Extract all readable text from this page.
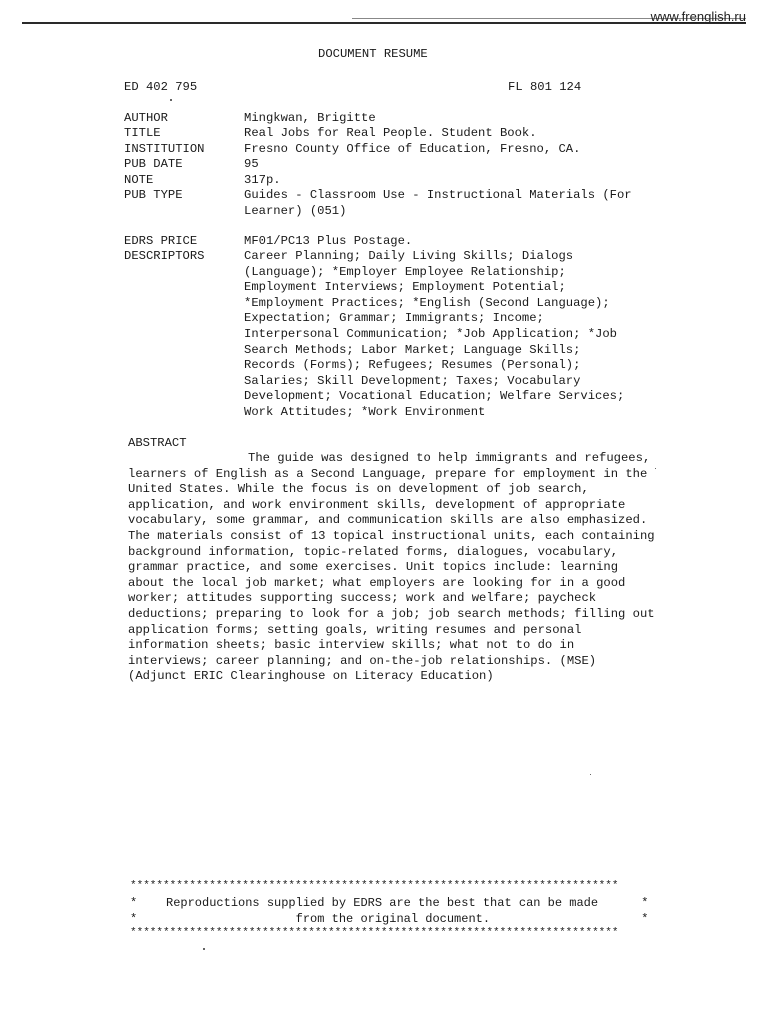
www.frenglish.ru
DOCUMENT RESUME
ED 402 795	FL 801 124
AUTHOR	Mingkwan, Brigitte
TITLE	Real Jobs for Real People. Student Book.
INSTITUTION	Fresno County Office of Education, Fresno, CA.
PUB DATE	95
NOTE	317p.
PUB TYPE	Guides - Classroom Use - Instructional Materials (For
Learner) (051)
EDRS PRICE	MF01/PC13 Plus Postage.
DESCRIPTORS	Career Planning; Daily Living Skills; Dialogs
(Language); *Employer Employee Relationship;
Employment Interviews; Employment Potential;
*Employment Practices; *English (Second Language);
Expectation; Grammar; Immigrants; Income;
Interpersonal Communication; *Job Application; *Job
Search Methods; Labor Market; Language Skills;
Records (Forms); Refugees; Resumes (Personal);
Salaries; Skill Development; Taxes; Vocabulary
Development; Vocational Education; Welfare Services;
Work Attitudes; *Work Environment
ABSTRACT
The guide was designed to help immigrants and refugees, learners of English as a Second Language, prepare for employment in the United States. While the focus is on development of job search, application, and work environment skills, development of appropriate vocabulary, some grammar, and communication skills are also emphasized. The materials consist of 13 topical instructional units, each containing background information, topic-related forms, dialogues, vocabulary, grammar practice, and some exercises. Unit topics include: learning about the local job market; what employers are looking for in a good worker; attitudes supporting success; work and welfare; paycheck deductions; preparing to look for a job; job search methods; filling out application forms; setting goals, writing resumes and personal information sheets; basic interview skills; what not to do in interviews; career planning; and on-the-job relationships. (MSE) (Adjunct ERIC Clearinghouse on Literacy Education)
**************************************************************************
*    Reproductions supplied by EDRS are the best that can be made      *
*                      from the original document.                     *
**************************************************************************
